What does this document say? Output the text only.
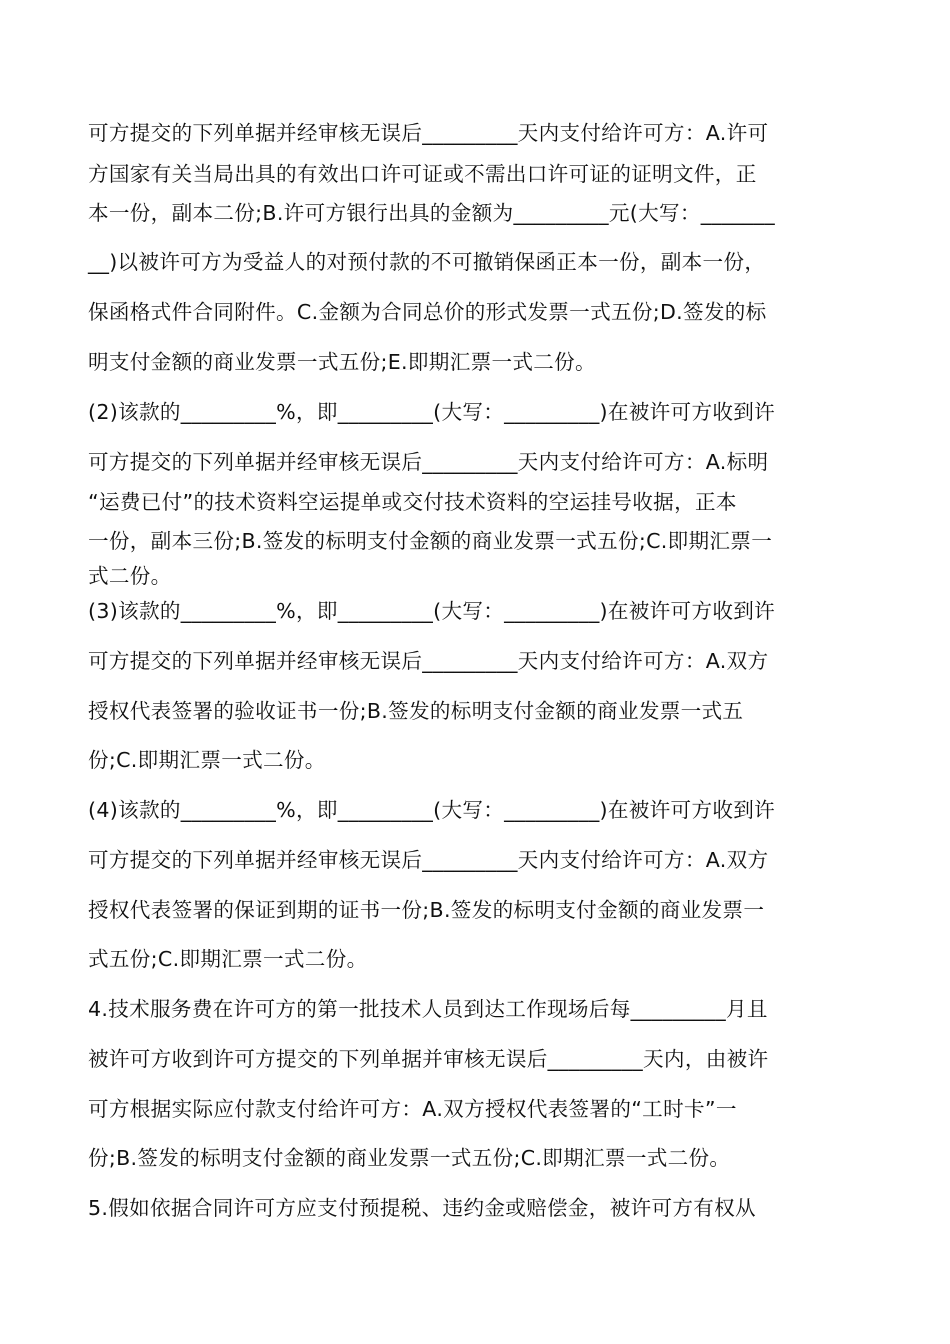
可方提交的下列单据并经审核无误后_________天内支付给许可方：A.许可
方国家有关当局出具的有效出口许可证或不需出口许可证的证明文件，正
本一份，副本二份;B.许可方银行出具的金额为_________元(大写：_______
__)以被许可方为受益人的对预付款的不可撤销保函正本一份，副本一份，
保函格式件合同附件。C.金额为合同总价的形式发票一式五份;D.签发的标
明支付金额的商业发票一式五份;E.即期汇票一式二份。
(2)该款的_________%，即_________(大写：_________)在被许可方收到许
可方提交的下列单据并经审核无误后_________天内支付给许可方：A.标明
“运费已付”的技术资料空运提单或交付技术资料的空运挂号收据，正本
一份，副本三份;B.签发的标明支付金额的商业发票一式五份;C.即期汇票一
式二份。
(3)该款的_________%，即_________(大写：_________)在被许可方收到许
可方提交的下列单据并经审核无误后_________天内支付给许可方：A.双方
授权代表签署的验收证书一份;B.签发的标明支付金额的商业发票一式五
份;C.即期汇票一式二份。
(4)该款的_________%，即_________(大写：_________)在被许可方收到许
可方提交的下列单据并经审核无误后_________天内支付给许可方：A.双方
授权代表签署的保证到期的证书一份;B.签发的标明支付金额的商业发票一
式五份;C.即期汇票一式二份。
4.技术服务费在许可方的第一批技术人员到达工作现场后每_________月且
被许可方收到许可方提交的下列单据并审核无误后_________天内，由被许
可方根据实际应付款支付给许可方：A.双方授权代表签署的“工时卡”一
份;B.签发的标明支付金额的商业发票一式五份;C.即期汇票一式二份。
5.假如依据合同许可方应支付预提税、违约金或赔偿金，被许可方有权从
